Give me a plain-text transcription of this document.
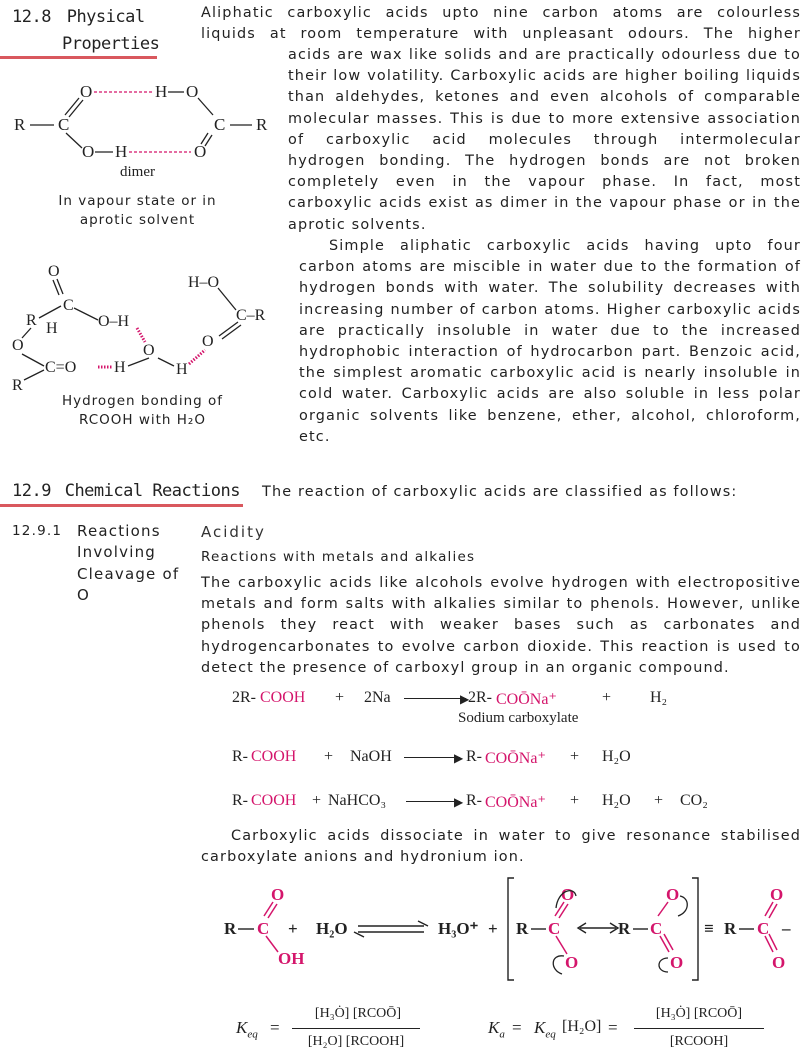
12.8 Physical
Properties
R C
O
O H
H O
O
C R
dimer
In vapour state or in
aprotic solvent
O
R
C
H	O–H
O
C=O H
O
H
R
H–O
C–R
O
Hydrogen bonding of
RCOOH with H₂O
Aliphatic carboxylic acids upto nine carbon atoms are colourless
liquids at room temperature with unpleasant odours. The higher

acids are wax like solids and are practically odourless due to their low volatility. Carboxylic acids are higher boiling liquids than aldehydes, ketones and even alcohols of comparable molecular masses. This is due to more extensive association of carboxylic acid molecules through intermolecular hydrogen bonding. The hydrogen bonds are not broken completely even in the vapour phase. In fact, most carboxylic acids exist as dimer in the vapour phase or in the aprotic solvents.

Simple aliphatic carboxylic acids having upto four carbon atoms are miscible in water due to the formation of hydrogen bonds with water. The solubility decreases with increasing number of carbon atoms. Higher carboxylic acids are practically insoluble in water due to the increased hydrophobic interaction of hydrocarbon part. Benzoic acid, the simplest aromatic carboxylic acid is nearly insoluble in cold water. Carboxylic acids are also soluble in less polar organic solvents like benzene, ether, alcohol, chloroform, etc.

12.9 Chemical Reactions	The reaction of carboxylic acids are classified as follows:
12.9.1 Reactions
Involving
Cleavage of
O
Acidity
Reactions with metals and alkalies

The carboxylic acids like alcohols evolve hydrogen with electropositive metals and form salts with alkalies similar to phenols. However, unlike phenols they react with weaker bases such as carbonates and hydrogencarbonates to evolve carbon dioxide. This reaction is used to detect the presence of carboxyl group in an organic compound.

2R- COOH + 2Na	▶
2R- COŌNa⁺	+ H₂
Sodium carboxylate
R- COOH + NaOH	▶ R- COŌNa⁺ + H₂O
R- COOH + NaHCO₃	▶ R- COŌNa⁺ + H₂O + CO₂

Carboxylic acids dissociate in water to give resonance stabilised carboxylate anions and hydronium ion.

R	+ H₂O	H₃O⁺ + R	R	≡ R	–
C
O
OH
C
O
O
C
O
O
C
O
O
$K_{eq}$ =
[H₃Ȯ] [RCOŌ]
[H₂O] [RCOOH]
$K_a = K_{eq}$ [H₂O] =
[H₃Ȯ] [RCOŌ]
[RCOOH]
